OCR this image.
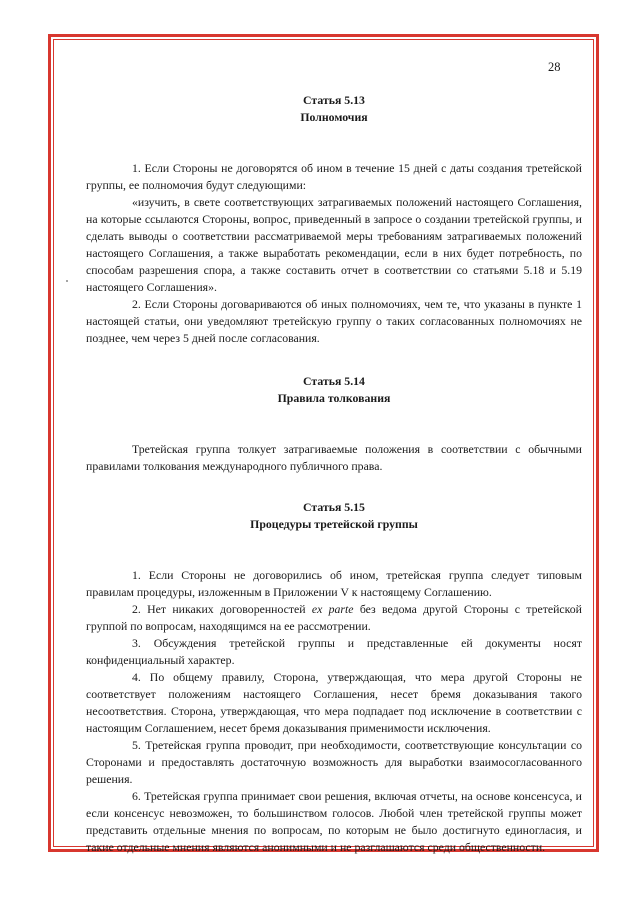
28
Статья 5.13
Полномочия

1. Если Стороны не договорятся об ином в течение 15 дней с даты создания третейской группы, ее полномочия будут следующими:

«изучить, в свете соответствующих затрагиваемых положений настоящего Соглашения, на которые ссылаются Стороны, вопрос, приведенный в запросе о создании третейской группы, и сделать выводы о соответствии рассматриваемой меры требованиям затрагиваемых положений настоящего Соглашения, а также выработать рекомендации, если в них будет потребность, по способам разрешения спора, а также составить отчет в соответствии со статьями 5.18 и 5.19 настоящего Соглашения».

2. Если Стороны договариваются об иных полномочиях, чем те, что указаны в пункте 1 настоящей статьи, они уведомляют третейскую группу о таких согласованных полномочиях не позднее, чем через 5 дней после согласования.

Статья 5.14
Правила толкования

Третейская группа толкует затрагиваемые положения в соответствии с обычными правилами толкования международного публичного права.

Статья 5.15
Процедуры третейской группы

1. Если Стороны не договорились об ином, третейская группа следует типовым правилам процедуры, изложенным в Приложении V к настоящему Соглашению.

2. Нет никаких договоренностей ex parte без ведома другой Стороны с третейской группой по вопросам, находящимся на ее рассмотрении.

3. Обсуждения третейской группы и представленные ей документы носят конфиденциальный характер.

4. По общему правилу, Сторона, утверждающая, что мера другой Стороны не соответствует положениям настоящего Соглашения, несет бремя доказывания такого несоответствия. Сторона, утверждающая, что мера подпадает под исключение в соответствии с настоящим Соглашением, несет бремя доказывания применимости исключения.

5. Третейская группа проводит, при необходимости, соответствующие консультации со Сторонами и предоставлять достаточную возможность для выработки взаимосогласованного решения.

6. Третейская группа принимает свои решения, включая отчеты, на основе консенсуса, и если консенсус невозможен, то большинством голосов. Любой член третейской группы может представить отдельные мнения по вопросам, по которым не было достигнуто единогласия, и такие отдельные мнения являются анонимными и не разглашаются среди общественности.
